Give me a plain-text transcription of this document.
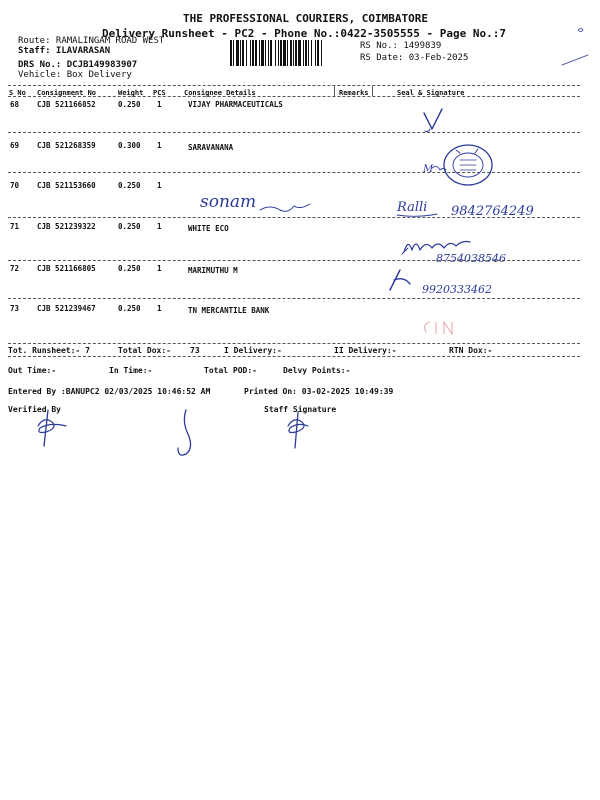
THE PROFESSIONAL COURIERS, COIMBATORE
Delivery Runsheet - PC2 - Phone No.:0422-3505555 - Page No.:7
Route: RAMALINGAM ROAD WEST
Staff: ILAVARASAN
DRS No.: DCJB149983907
Vehicle: Box Delivery
RS No.: 1499839
RS Date: 03-Feb-2025
S No Consignment No	Weight PCS	Consignee Details	Remarks	Seal & Signature
68 CJB 521166852	0.250 1	VIJAY PHARMACEUTICALS
69 CJB 521268359	0.300 1	SARAVANANA
70 CJB 521153660	0.250 1
71 CJB 521239322	0.250 1	WHITE ECO
72 CJB 521166805	0.250 1	MARIMUTHU M
73 CJB 521239467	0.250 1	TN MERCANTILE BANK
Tot. Runsheet:- 7	Total Dox:- 73	I Delivery:-	II Delivery:-	RTN Dox:-
Out Time:-	In Time:-	Total POD:-	Delvy Points:-
Entered By :BANUPC2 02/03/2025 10:46:52 AM	Printed On: 03-02-2025 10:49:39
Verified By	Staff Signature
M
sonam	Ralli 9842764249
8754038546
9920333462
